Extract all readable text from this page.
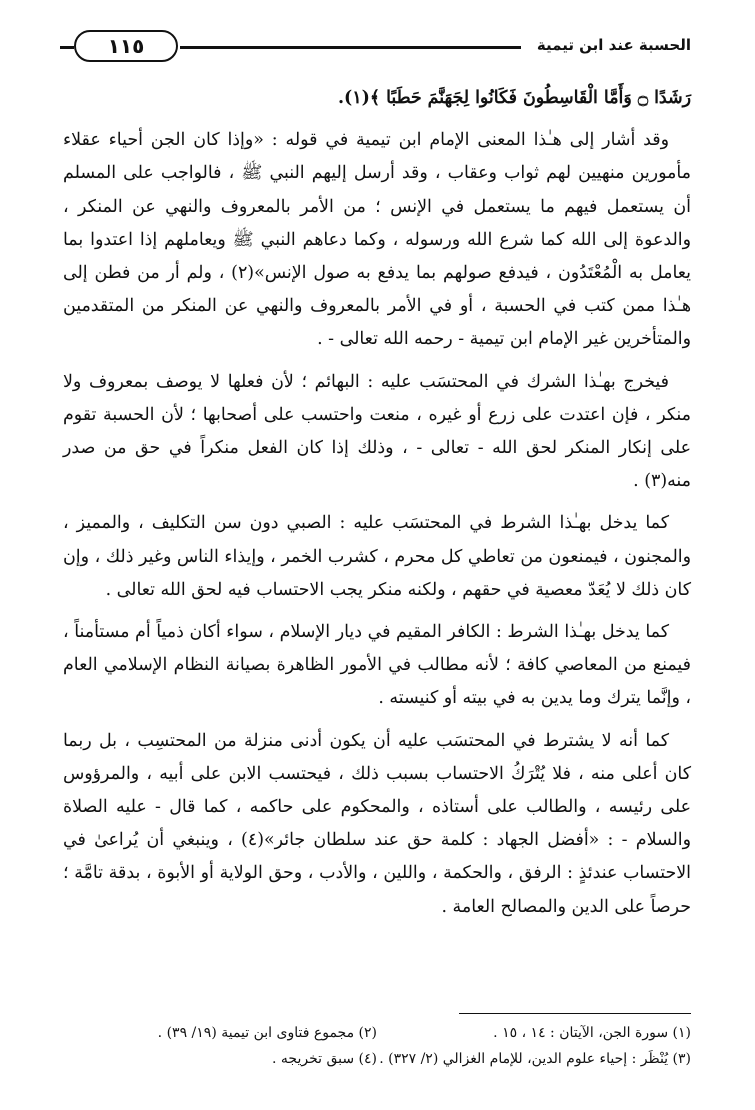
الحسبة عند ابن تيمية
١١٥

رَشَدًا ۝ وَأَمَّا الْقَاسِطُونَ فَكَانُوا لِجَهَنَّمَ حَطَبًا ﴾(١).

وقد أشار إلى هـٰذا المعنى الإمام ابن تيمية في قوله : «وإذا كان الجن أحياء عقلاء مأمورين منهيين لهم ثواب وعقاب ، وقد أرسل إليهم النبي ﷺ ، فالواجب على المسلم أن يستعمل فيهم ما يستعمل في الإنس ؛ من الأمر بالمعروف والنهي عن المنكر ، والدعوة إلى الله كما شرع الله ورسوله ، وكما دعاهم النبي ﷺ ويعاملهم إذا اعتدوا بما يعامل به الْمُعْتَدُون ، فيدفع صولهم بما يدفع به صول الإنس»(٢) ، ولم أر من فطن إلى هـٰذا ممن كتب في الحسبة ، أو في الأمر بالمعروف والنهي عن المنكر من المتقدمين والمتأخرين غير الإمام ابن تيمية - رحمه الله تعالى - .

فيخرج بهـٰذا الشرك في المحتسَب عليه : البهائم ؛ لأن فعلها لا يوصف بمعروف ولا منكر ، فإن اعتدت على زرع أو غيره ، منعت واحتسب على أصحابها ؛ لأن الحسبة تقوم على إنكار المنكر لحق الله - تعالى - ، وذلك إذا كان الفعل منكراً في حق من صدر منه(٣) .

كما يدخل بهـٰذا الشرط في المحتسَب عليه : الصبي دون سن التكليف ، والمميز ، والمجنون ، فيمنعون من تعاطي كل محرم ، كشرب الخمر ، وإيذاء الناس وغير ذلك ، وإن كان ذلك لا يُعَدّ معصية في حقهم ، ولكنه منكر يجب الاحتساب فيه لحق الله تعالى .

كما يدخل بهـٰذا الشرط : الكافر المقيم في ديار الإسلام ، سواء أكان ذمياً أم مستأمناً ، فيمنع من المعاصي كافة ؛ لأنه مطالب في الأمور الظاهرة بصيانة النظام الإسلامي العام ، وإنَّما يترك وما يدين به في بيته أو كنيسته .

كما أنه لا يشترط في المحتسَب عليه أن يكون أدنى منزلة من المحتسِب ، بل ربما كان أعلى منه ، فلا يُتْرَكُ الاحتساب بسبب ذلك ، فيحتسب الابن على أبيه ، والمرؤوس على رئيسه ، والطالب على أستاذه ، والمحكوم على حاكمه ، كما قال - عليه الصلاة والسلام - : «أفضل الجهاد : كلمة حق عند سلطان جائر»(٤) ، وينبغي أن يُراعىٰ في الاحتساب عندئذٍ : الرفق ، والحكمة ، واللين ، والأدب ، وحق الولاية أو الأبوة ، بدقة تامَّة ؛ حرصاً على الدين والمصالح العامة .

(١) سورة الجن، الآيتان : ١٤ ، ١٥ .
(٢) مجموع فتاوى ابن تيمية (١٩/ ٣٩) .
(٣) يُنْظَر : إحياء علوم الدين، للإمام الغزالي (٢/ ٣٢٧) .
(٤) سبق تخريجه .
